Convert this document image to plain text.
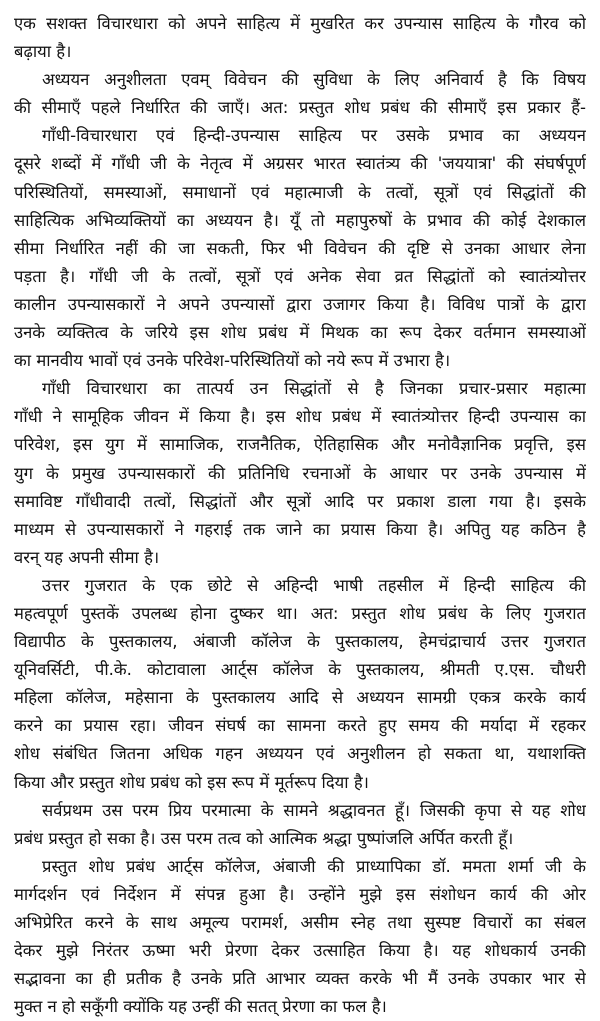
एक सशक्त विचारधारा को अपने साहित्य में मुखरित कर उपन्यास साहित्य के गौरव को
बढ़ाया है।
अध्ययन अनुशीलता एवम् विवेचन की सुविधा के लिए अनिवार्य है कि विषय
की सीमाएँ पहले निर्धारित की जाएँ। अत: प्रस्तुत शोध प्रबंध की सीमाएँ इस प्रकार हैं-
गाँधी-विचारधारा एवं हिन्दी-उपन्यास साहित्य पर उसके प्रभाव का अध्ययन
दूसरे शब्दों में गाँधी जी के नेतृत्व में अग्रसर भारत स्वातंत्र्य की 'जययात्रा' की संघर्षपूर्ण
परिस्थितियों, समस्याओं, समाधानों एवं महात्माजी के तत्वों, सूत्रों एवं सिद्धांतों की
साहित्यिक अभिव्यक्तियों का अध्ययन है। यूँ तो महापुरुषों के प्रभाव की कोई देशकाल
सीमा निर्धारित नहीं की जा सकती, फिर भी विवेचन की दृष्टि से उनका आधार लेना
पड़ता है। गाँधी जी के तत्वों, सूत्रों एवं अनेक सेवा व्रत सिद्धांतों को स्वातंत्र्योत्तर
कालीन उपन्यासकारों ने अपने उपन्यासों द्वारा उजागर किया है। विविध पात्रों के द्वारा
उनके व्यक्तित्व के जरिये इस शोध प्रबंध में मिथक का रूप देकर वर्तमान समस्याओं
का मानवीय भावों एवं उनके परिवेश-परिस्थितियों को नये रूप में उभारा है।
गाँधी विचारधारा का तात्पर्य उन सिद्धांतों से है जिनका प्रचार-प्रसार महात्मा
गाँधी ने सामूहिक जीवन में किया है। इस शोध प्रबंध में स्वातंत्र्योत्तर हिन्दी उपन्यास का
परिवेश, इस युग में सामाजिक, राजनैतिक, ऐतिहासिक और मनोवैज्ञानिक प्रवृत्ति, इस
युग के प्रमुख उपन्यासकारों की प्रतिनिधि रचनाओं के आधार पर उनके उपन्यास में
समाविष्ट गाँधीवादी तत्वों, सिद्धांतों और सूत्रों आदि पर प्रकाश डाला गया है। इसके
माध्यम से उपन्यासकारों ने गहराई तक जाने का प्रयास किया है। अपितु यह कठिन है
वरन् यह अपनी सीमा है।
उत्तर गुजरात के एक छोटे से अहिन्दी भाषी तहसील में हिन्दी साहित्य की
महत्वपूर्ण पुस्तकें उपलब्ध होना दुष्कर था। अत: प्रस्तुत शोध प्रबंध के लिए गुजरात
विद्यापीठ के पुस्तकालय, अंबाजी कॉलेज के पुस्तकालय, हेमचंद्राचार्य उत्तर गुजरात
यूनिवर्सिटी, पी.के. कोटावाला आर्ट्स कॉलेज के पुस्तकालय, श्रीमती ए.एस. चौधरी
महिला कॉलेज, महेसाना के पुस्तकालय आदि से अध्ययन सामग्री एकत्र करके कार्य
करने का प्रयास रहा। जीवन संघर्ष का सामना करते हुए समय की मर्यादा में रहकर
शोध संबंधित जितना अधिक गहन अध्ययन एवं अनुशीलन हो सकता था, यथाशक्ति
किया और प्रस्तुत शोध प्रबंध को इस रूप में मूर्तरूप दिया है।
सर्वप्रथम उस परम प्रिय परमात्मा के सामने श्रद्धावनत हूँ। जिसकी कृपा से यह शोध
प्रबंध प्रस्तुत हो सका है। उस परम तत्व को आत्मिक श्रद्धा पुष्पांजलि अर्पित करती हूँ।
प्रस्तुत शोध प्रबंध आर्ट्स कॉलेज, अंबाजी की प्राध्यापिका डॉ. ममता शर्मा जी के
मार्गदर्शन एवं निर्देशन में संपन्न हुआ है। उन्होंने मुझे इस संशोधन कार्य की ओर
अभिप्रेरित करने के साथ अमूल्य परामर्श, असीम स्नेह तथा सुस्पष्ट विचारों का संबल
देकर मुझे निरंतर ऊष्मा भरी प्रेरणा देकर उत्साहित किया है। यह शोधकार्य उनकी
सद्भावना का ही प्रतीक है उनके प्रति आभार व्यक्त करके भी मैं उनके उपकार भार से
मुक्त न हो सकूँगी क्योंकि यह उन्हीं की सतत् प्रेरणा का फल है।
